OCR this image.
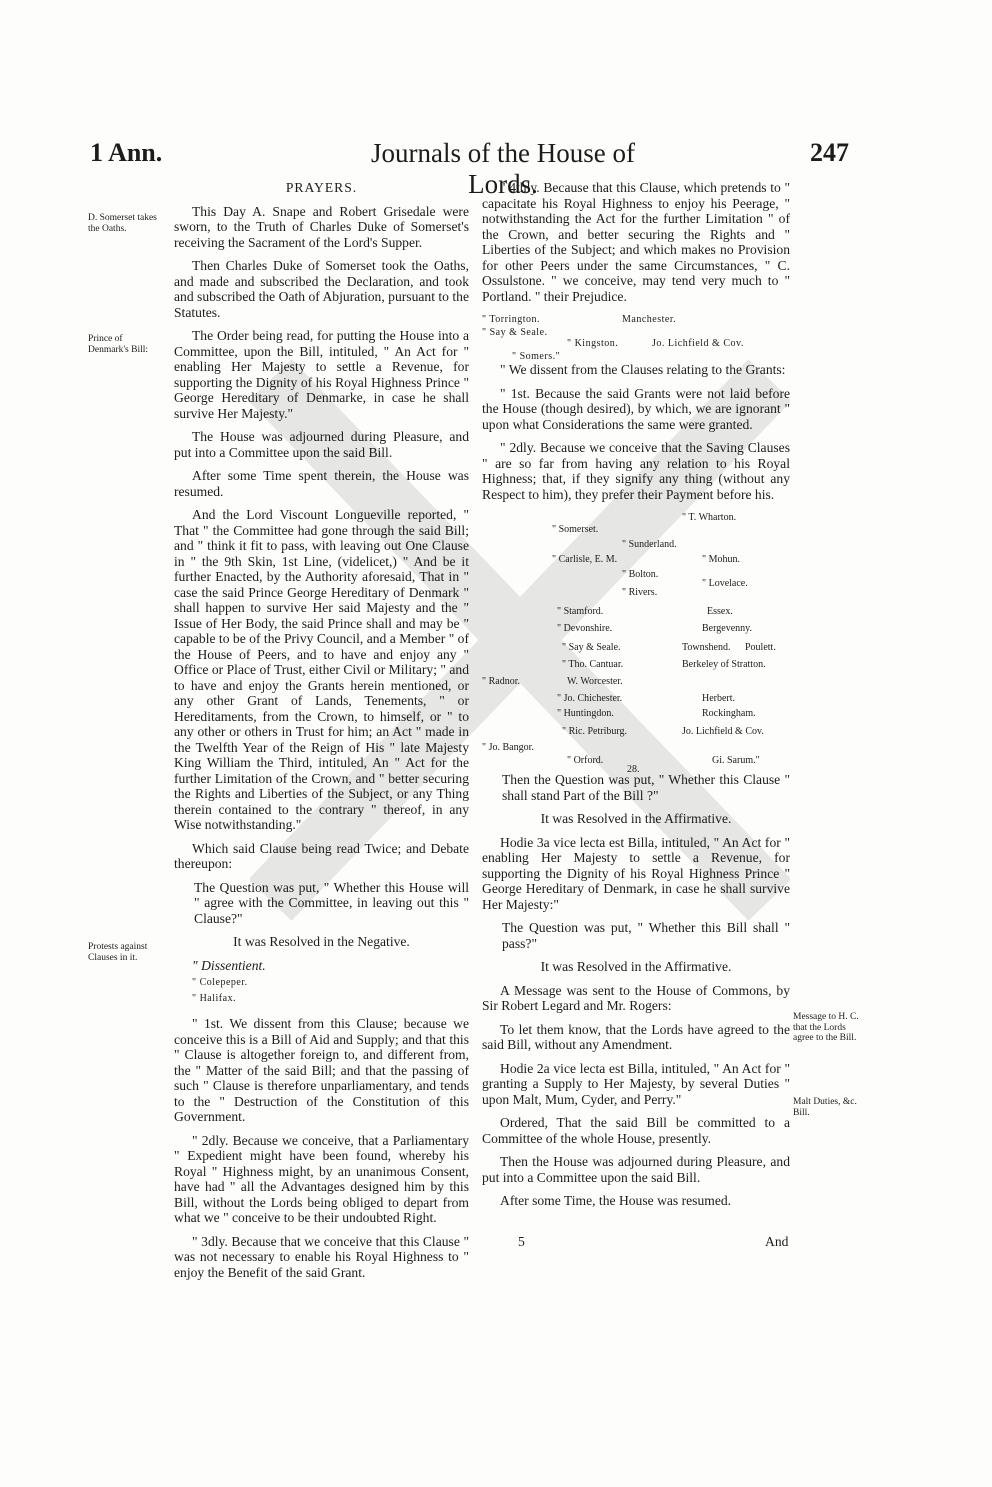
1 Ann.	Journals of the House of Lords.
247
D. Somerset takes the Oaths.
Prince of Denmark's Bill:
Protests against Clauses in it.
Message to H. C. that the Lords agree to the Bill.
Malt Duties, &c. Bill.

PRAYERS.

This Day A. Snape and Robert Grisedale were sworn, to the Truth of Charles Duke of Somerset's receiving the Sacrament of the Lord's Supper.

Then Charles Duke of Somerset took the Oaths, and made and subscribed the Declaration, and took and subscribed the Oath of Abjuration, pursuant to the Statutes.

The Order being read, for putting the House into a Committee, upon the Bill, intituled, " An Act for " enabling Her Majesty to settle a Revenue, for supporting the Dignity of his Royal Highness Prince " George Hereditary of Denmarke, in case he shall survive Her Majesty."

The House was adjourned during Pleasure, and put into a Committee upon the said Bill.

After some Time spent therein, the House was resumed.

And the Lord Viscount Longueville reported, " That " the Committee had gone through the said Bill; and " think it fit to pass, with leaving out One Clause in " the 9th Skin, 1st Line, (videlicet,) " And be it further Enacted, by the Authority aforesaid, That in " case the said Prince George Hereditary of Denmark " shall happen to survive Her said Majesty and the " Issue of Her Body, the said Prince shall and may be " capable to be of the Privy Council, and a Member " of the House of Peers, and to have and enjoy any " Office or Place of Trust, either Civil or Military; " and to have and enjoy the Grants herein mentioned, or any other Grant of Lands, Tenements, " or Hereditaments, from the Crown, to himself, or " to any other or others in Trust for him; an Act " made in the Twelfth Year of the Reign of His " late Majesty King William the Third, intituled, An " Act for the further Limitation of the Crown, and " better securing the Rights and Liberties of the Subject, or any Thing therein contained to the contrary " thereof, in any Wise notwithstanding."

Which said Clause being read Twice; and Debate thereupon:

The Question was put, " Whether this House will " agree with the Committee, in leaving out this " Clause?"

It was Resolved in the Negative.

" Dissentient.

" Colepeper.
" Halifax.

" 1st. We dissent from this Clause; because we conceive this is a Bill of Aid and Supply; and that this " Clause is altogether foreign to, and different from, the " Matter of the said Bill; and that the passing of such " Clause is therefore unparliamentary, and tends to the " Destruction of the Constitution of this Government.

" 2dly. Because we conceive, that a Parliamentary " Expedient might have been found, whereby his Royal " Highness might, by an unanimous Consent, have had " all the Advantages designed him by this Bill, without the Lords being obliged to depart from what we " conceive to be their undoubted Right.

" 3dly. Because that we conceive that this Clause " was not necessary to enable his Royal Highness to " enjoy the Benefit of the said Grant.

" 4thly. Because that this Clause, which pretends to " capacitate his Royal Highness to enjoy his Peerage, " notwithstanding the Act for the further Limitation " of the Crown, and better securing the Rights and " Liberties of the Subject; and which makes no Provision for other Peers under the same Circumstances, " C. Ossulstone. " we conceive, may tend very much to " Portland. " their Prejudice.

" Torrington.	Manchester.
" Say & Seale.
" Kingston.	Jo. Lichfield & Cov.
" Somers."

" We dissent from the Clauses relating to the Grants:

" 1st. Because the said Grants were not laid before the House (though desired), by which, we are ignorant " upon what Considerations the same were granted.

" 2dly. Because we conceive that the Saving Clauses " are so far from having any relation to his Royal Highness; that, if they signify any thing (without any Respect to him), they prefer their Payment before his.

" T. Wharton.
" Somerset.
" Sunderland.
" Carlisle, E. M.	" Mohun.
" Bolton.
" Lovelace.
" Rivers.
" Stamford.	Essex.
" Devonshire.	Bergevenny.
" Say & Seale.	Townshend. Poulett.
" Tho. Cantuar.	Berkeley of Stratton.
" Radnor.	W. Worcester.
" Jo. Chichester.	Herbert.
" Huntingdon.	Rockingham.
" Ric. Petriburg.	Jo. Lichfield & Cov.
" Jo. Bangor.
" Orford.	Gi. Sarum."
28.

Then the Question was put, " Whether this Clause " shall stand Part of the Bill ?"

It was Resolved in the Affirmative.

Hodie 3a vice lecta est Billa, intituled, " An Act for " enabling Her Majesty to settle a Revenue, for supporting the Dignity of his Royal Highness Prince " George Hereditary of Denmark, in case he shall survive Her Majesty:"

The Question was put, " Whether this Bill shall " pass?"

It was Resolved in the Affirmative.

A Message was sent to the House of Commons, by Sir Robert Legard and Mr. Rogers:

To let them know, that the Lords have agreed to the said Bill, without any Amendment.

Hodie 2a vice lecta est Billa, intituled, " An Act for " granting a Supply to Her Majesty, by several Duties " upon Malt, Mum, Cyder, and Perry."

Ordered, That the said Bill be committed to a Committee of the whole House, presently.

Then the House was adjourned during Pleasure, and put into a Committee upon the said Bill.

After some Time, the House was resumed.

5	And
